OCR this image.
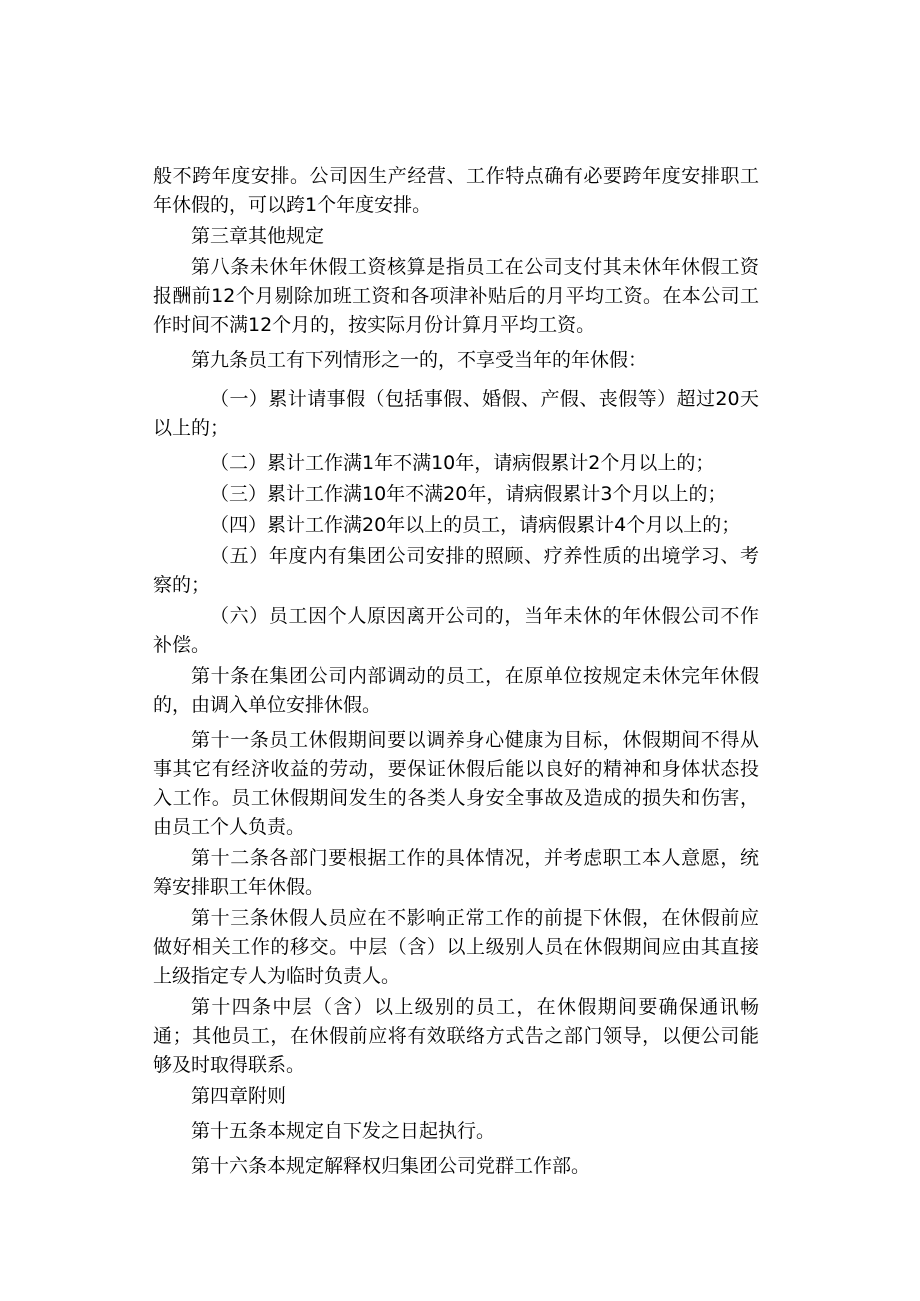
般不跨年度安排。公司因生产经营、工作特点确有必要跨年度安排职工年休假的，可以跨1个年度安排。

第三章其他规定

第八条未休年休假工资核算是指员工在公司支付其未休年休假工资报酬前12个月剔除加班工资和各项津补贴后的月平均工资。在本公司工作时间不满12个月的，按实际月份计算月平均工资。

第九条员工有下列情形之一的，不享受当年的年休假：

（一）累计请事假（包括事假、婚假、产假、丧假等）超过20天以上的；

（二）累计工作满1年不满10年，请病假累计2个月以上的；

（三）累计工作满10年不满20年，请病假累计3个月以上的；

（四）累计工作满20年以上的员工，请病假累计4个月以上的；

（五）年度内有集团公司安排的照顾、疗养性质的出境学习、考察的；

（六）员工因个人原因离开公司的，当年未休的年休假公司不作补偿。

第十条在集团公司内部调动的员工，在原单位按规定未休完年休假的，由调入单位安排休假。

第十一条员工休假期间要以调养身心健康为目标，休假期间不得从事其它有经济收益的劳动，要保证休假后能以良好的精神和身体状态投入工作。员工休假期间发生的各类人身安全事故及造成的损失和伤害，由员工个人负责。

第十二条各部门要根据工作的具体情况，并考虑职工本人意愿，统筹安排职工年休假。

第十三条休假人员应在不影响正常工作的前提下休假，在休假前应做好相关工作的移交。中层（含）以上级别人员在休假期间应由其直接上级指定专人为临时负责人。

第十四条中层（含）以上级别的员工，在休假期间要确保通讯畅通；其他员工，在休假前应将有效联络方式告之部门领导，以便公司能够及时取得联系。

第四章附则

第十五条本规定自下发之日起执行。

第十六条本规定解释权归集团公司党群工作部。
